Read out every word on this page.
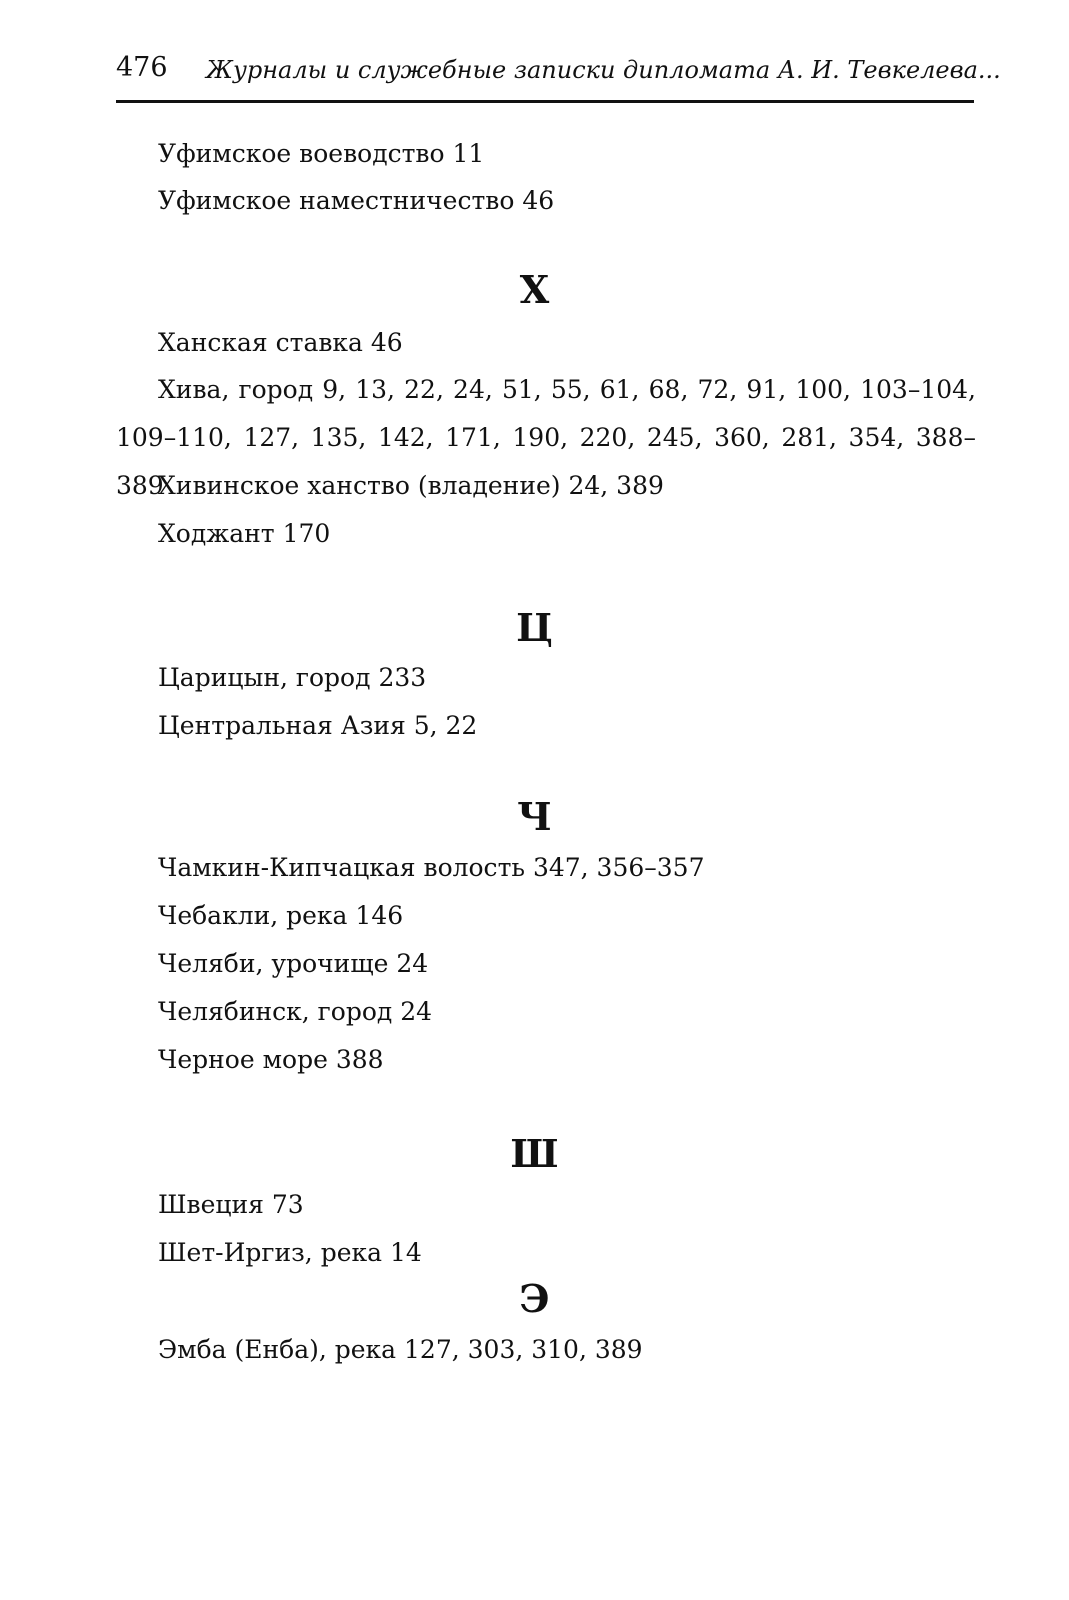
476 Журналы и служебные записки дипломата А. И. Тевкелева...
Уфимское воеводство 11
Уфимское наместничество 46
Х
Ханская ставка 46
Хива, город 9, 13, 22, 24, 51, 55, 61, 68, 72, 91, 100, 103–104, 109–110, 127, 135, 142, 171, 190, 220, 245, 360, 281, 354, 388–389
Хивинское ханство (владение) 24, 389
Ходжант 170
Ц
Царицын, город 233
Центральная Азия 5, 22
Ч
Чамкин-Кипчацкая волость 347, 356–357
Чебакли, река 146
Челяби, урочище 24
Челябинск, город 24
Черное море 388
Ш
Швеция 73
Шет-Иргиз, река 14
Э
Эмба (Енба), река 127, 303, 310, 389
